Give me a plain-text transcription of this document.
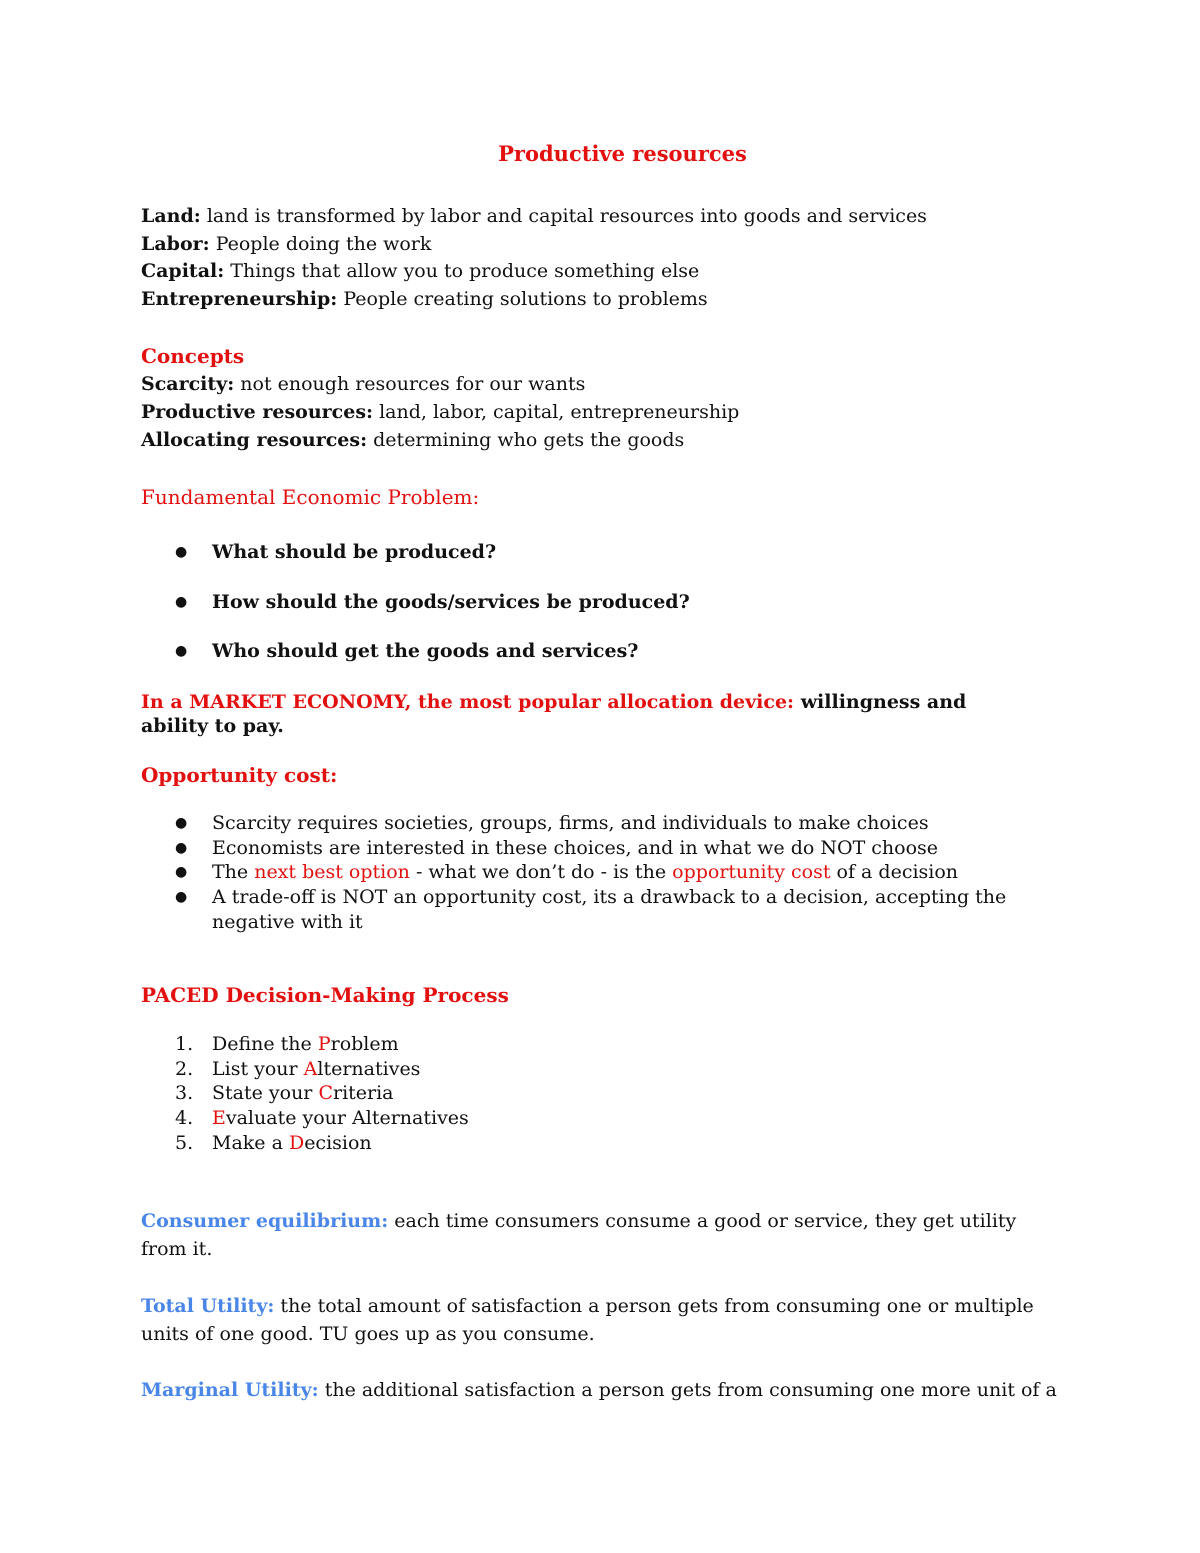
Productive resources
Land: land is transformed by labor and capital resources into goods and services
Labor: People doing the work
Capital: Things that allow you to produce something else
Entrepreneurship: People creating solutions to problems
Concepts
Scarcity: not enough resources for our wants
Productive resources: land, labor, capital, entrepreneurship
Allocating resources: determining who gets the goods
Fundamental Economic Problem:
● What should be produced?
● How should the goods/services be produced?
● Who should get the goods and services?
In a MARKET ECONOMY, the most popular allocation device: willingness and
ability to pay.
Opportunity cost:
● Scarcity requires societies, groups, firms, and individuals to make choices
● Economists are interested in these choices, and in what we do NOT choose
● The next best option - what we don’t do - is the opportunity cost of a decision
● A trade-off is NOT an opportunity cost, its a drawback to a decision, accepting the
negative with it
PACED Decision-Making Process
1. Define the Problem
2. List your Alternatives
3. State your Criteria
4. Evaluate your Alternatives
5. Make a Decision
Consumer equilibrium: each time consumers consume a good or service, they get utility
from it.
Total Utility: the total amount of satisfaction a person gets from consuming one or multiple
units of one good. TU goes up as you consume.
Marginal Utility: the additional satisfaction a person gets from consuming one more unit of a
